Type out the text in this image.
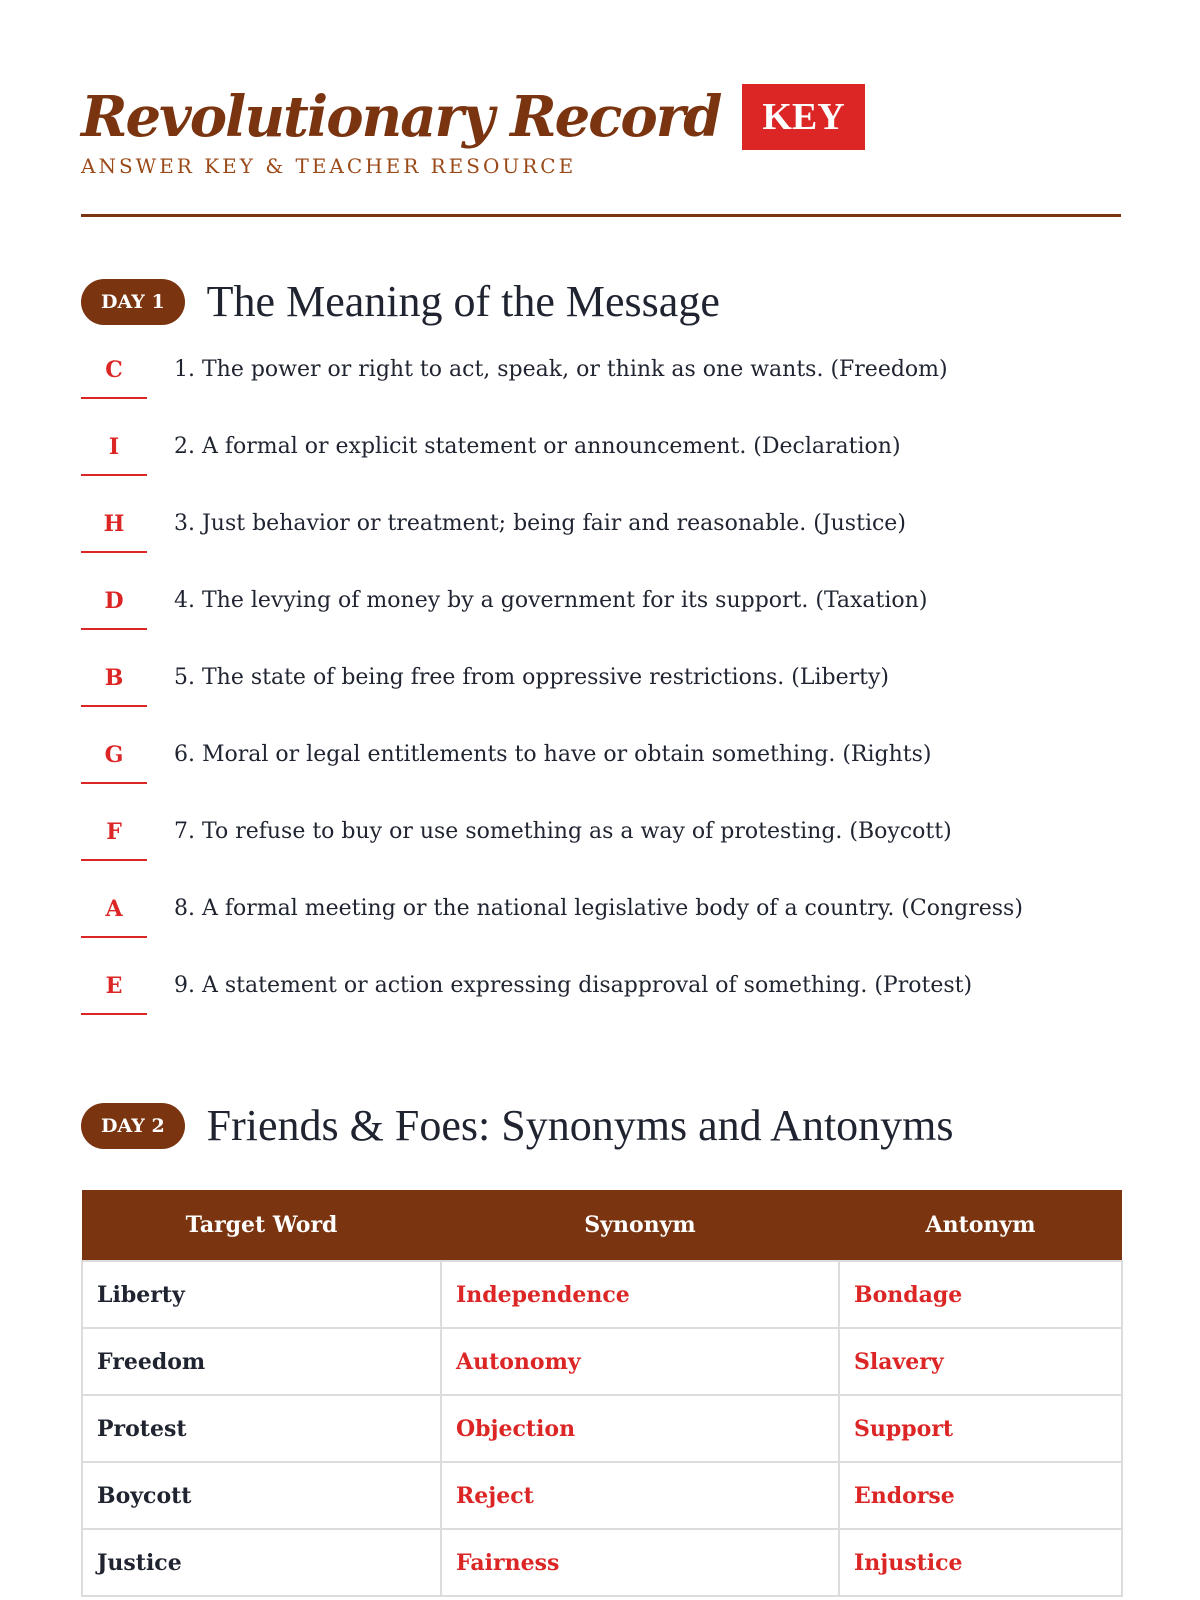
Revolutionary Record	KEY
ANSWER KEY & TEACHER RESOURCE
DAY 1 The Meaning of the Message
C	1. The power or right to act, speak, or think as one wants. (Freedom)
I	2. A formal or explicit statement or announcement. (Declaration)
H	3. Just behavior or treatment; being fair and reasonable. (Justice)
D	4. The levying of money by a government for its support. (Taxation)
B	5. The state of being free from oppressive restrictions. (Liberty)
G	6. Moral or legal entitlements to have or obtain something. (Rights)
F	7. To refuse to buy or use something as a way of protesting. (Boycott)
A	8. A formal meeting or the national legislative body of a country. (Congress)
E	9. A statement or action expressing disapproval of something. (Protest)
DAY 2 Friends & Foes: Synonyms and Antonyms
Target Word	Synonym	Antonym
Liberty	Independence	Bondage
Freedom	Autonomy	Slavery
Protest	Objection	Support
Boycott	Reject	Endorse
Justice	Fairness	Injustice
